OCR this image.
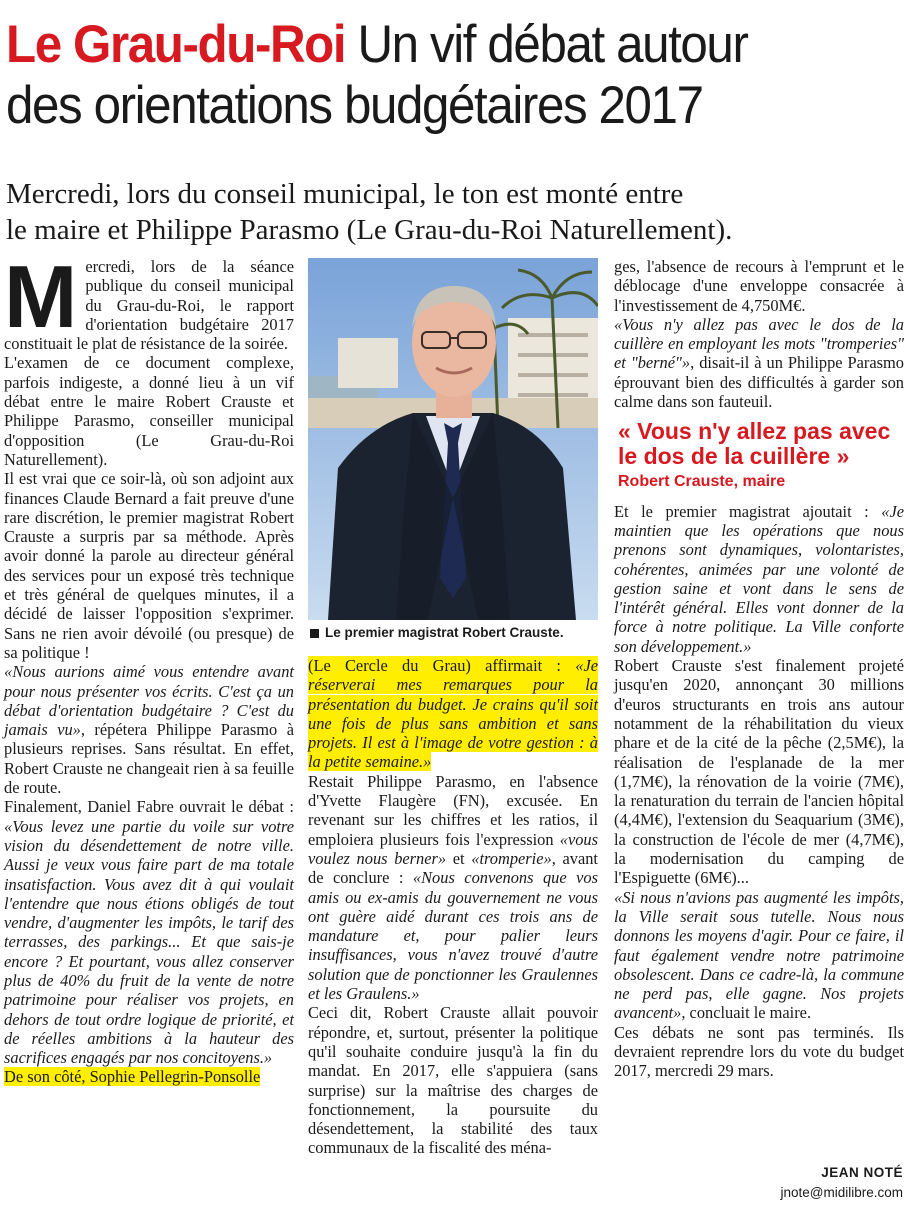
Le Grau-du-Roi Un vif débat autour
des orientations budgétaires 2017
Mercredi, lors du conseil municipal, le ton est monté entre
le maire et Philippe Parasmo (Le Grau-du-Roi Naturellement).

Mercredi, lors de la séance publique du conseil municipal du Grau-du-Roi, le rapport d'orientation budgétaire 2017 constituait le plat de résistance de la soirée.

L'examen de ce document complexe, parfois indigeste, a donné lieu à un vif débat entre le maire Robert Crauste et Philippe Parasmo, conseiller municipal d'opposition (Le Grau-du-Roi Naturellement).

Il est vrai que ce soir-là, où son adjoint aux finances Claude Bernard a fait preuve d'une rare discrétion, le premier magistrat Robert Crauste a surpris par sa méthode. Après avoir donné la parole au directeur général des services pour un exposé très technique et très général de quelques minutes, il a décidé de laisser l'opposition s'exprimer. Sans ne rien avoir dévoilé (ou presque) de sa politique !

«Nous aurions aimé vous entendre avant pour nous présenter vos écrits. C'est ça un débat d'orientation budgétaire ? C'est du jamais vu», répétera Philippe Parasmo à plusieurs reprises. Sans résultat. En effet, Robert Crauste ne changeait rien à sa feuille de route.

Finalement, Daniel Fabre ouvrait le débat : «Vous levez une partie du voile sur votre vision du désendettement de notre ville. Aussi je veux vous faire part de ma totale insatisfaction. Vous avez dit à qui voulait l'entendre que nous étions obligés de tout vendre, d'augmenter les impôts, le tarif des terrasses, des parkings... Et que sais-je encore ? Et pourtant, vous allez conserver plus de 40% du fruit de la vente de notre patrimoine pour réaliser vos projets, en dehors de tout ordre logique de priorité, et de réelles ambitions à la hauteur des sacrifices engagés par nos concitoyens.»

De son côté, Sophie Pellegrin-Ponsolle

Le premier magistrat Robert Crauste.

(Le Cercle du Grau) affirmait : «Je réserverai mes remarques pour la présentation du budget. Je crains qu'il soit une fois de plus sans ambition et sans projets. Il est à l'image de votre gestion : à la petite semaine.»

Restait Philippe Parasmo, en l'absence d'Yvette Flaugère (FN), excusée. En revenant sur les chiffres et les ratios, il emploiera plusieurs fois l'expression «vous voulez nous berner» et «tromperie», avant de conclure : «Nous convenons que vos amis ou ex-amis du gouvernement ne vous ont guère aidé durant ces trois ans de mandature et, pour palier leurs insuffisances, vous n'avez trouvé d'autre solution que de ponctionner les Graulennes et les Graulens.»

Ceci dit, Robert Crauste allait pouvoir répondre, et, surtout, présenter la politique qu'il souhaite conduire jusqu'à la fin du mandat. En 2017, elle s'appuiera (sans surprise) sur la maîtrise des charges de fonctionnement, la poursuite du désendettement, la stabilité des taux communaux de la fiscalité des ména-

ges, l'absence de recours à l'emprunt et le déblocage d'une enveloppe consacrée à l'investissement de 4,750M€.

«Vous n'y allez pas avec le dos de la cuillère en employant les mots "tromperies" et "berné"», disait-il à un Philippe Parasmo éprouvant bien des difficultés à garder son calme dans son fauteuil.

« Vous n'y allez pas avec le dos de la cuillère »
Robert Crauste, maire

Et le premier magistrat ajoutait : «Je maintien que les opérations que nous prenons sont dynamiques, volontaristes, cohérentes, animées par une volonté de gestion saine et vont dans le sens de l'intérêt général. Elles vont donner de la force à notre politique. La Ville conforte son développement.»

Robert Crauste s'est finalement projeté jusqu'en 2020, annonçant 30 millions d'euros structurants en trois ans autour notamment de la réhabilitation du vieux phare et de la cité de la pêche (2,5M€), la réalisation de l'esplanade de la mer (1,7M€), la rénovation de la voirie (7M€), la renaturation du terrain de l'ancien hôpital (4,4M€), l'extension du Seaquarium (3M€), la construction de l'école de mer (4,7M€), la modernisation du camping de l'Espiguette (6M€)...

«Si nous n'avions pas augmenté les impôts, la Ville serait sous tutelle. Nous nous donnons les moyens d'agir. Pour ce faire, il faut également vendre notre patrimoine obsolescent. Dans ce cadre-là, la commune ne perd pas, elle gagne. Nos projets avancent», concluait le maire.

Ces débats ne sont pas terminés. Ils devraient reprendre lors du vote du budget 2017, mercredi 29 mars.

JEAN NOTÉ
jnote@midilibre.com
